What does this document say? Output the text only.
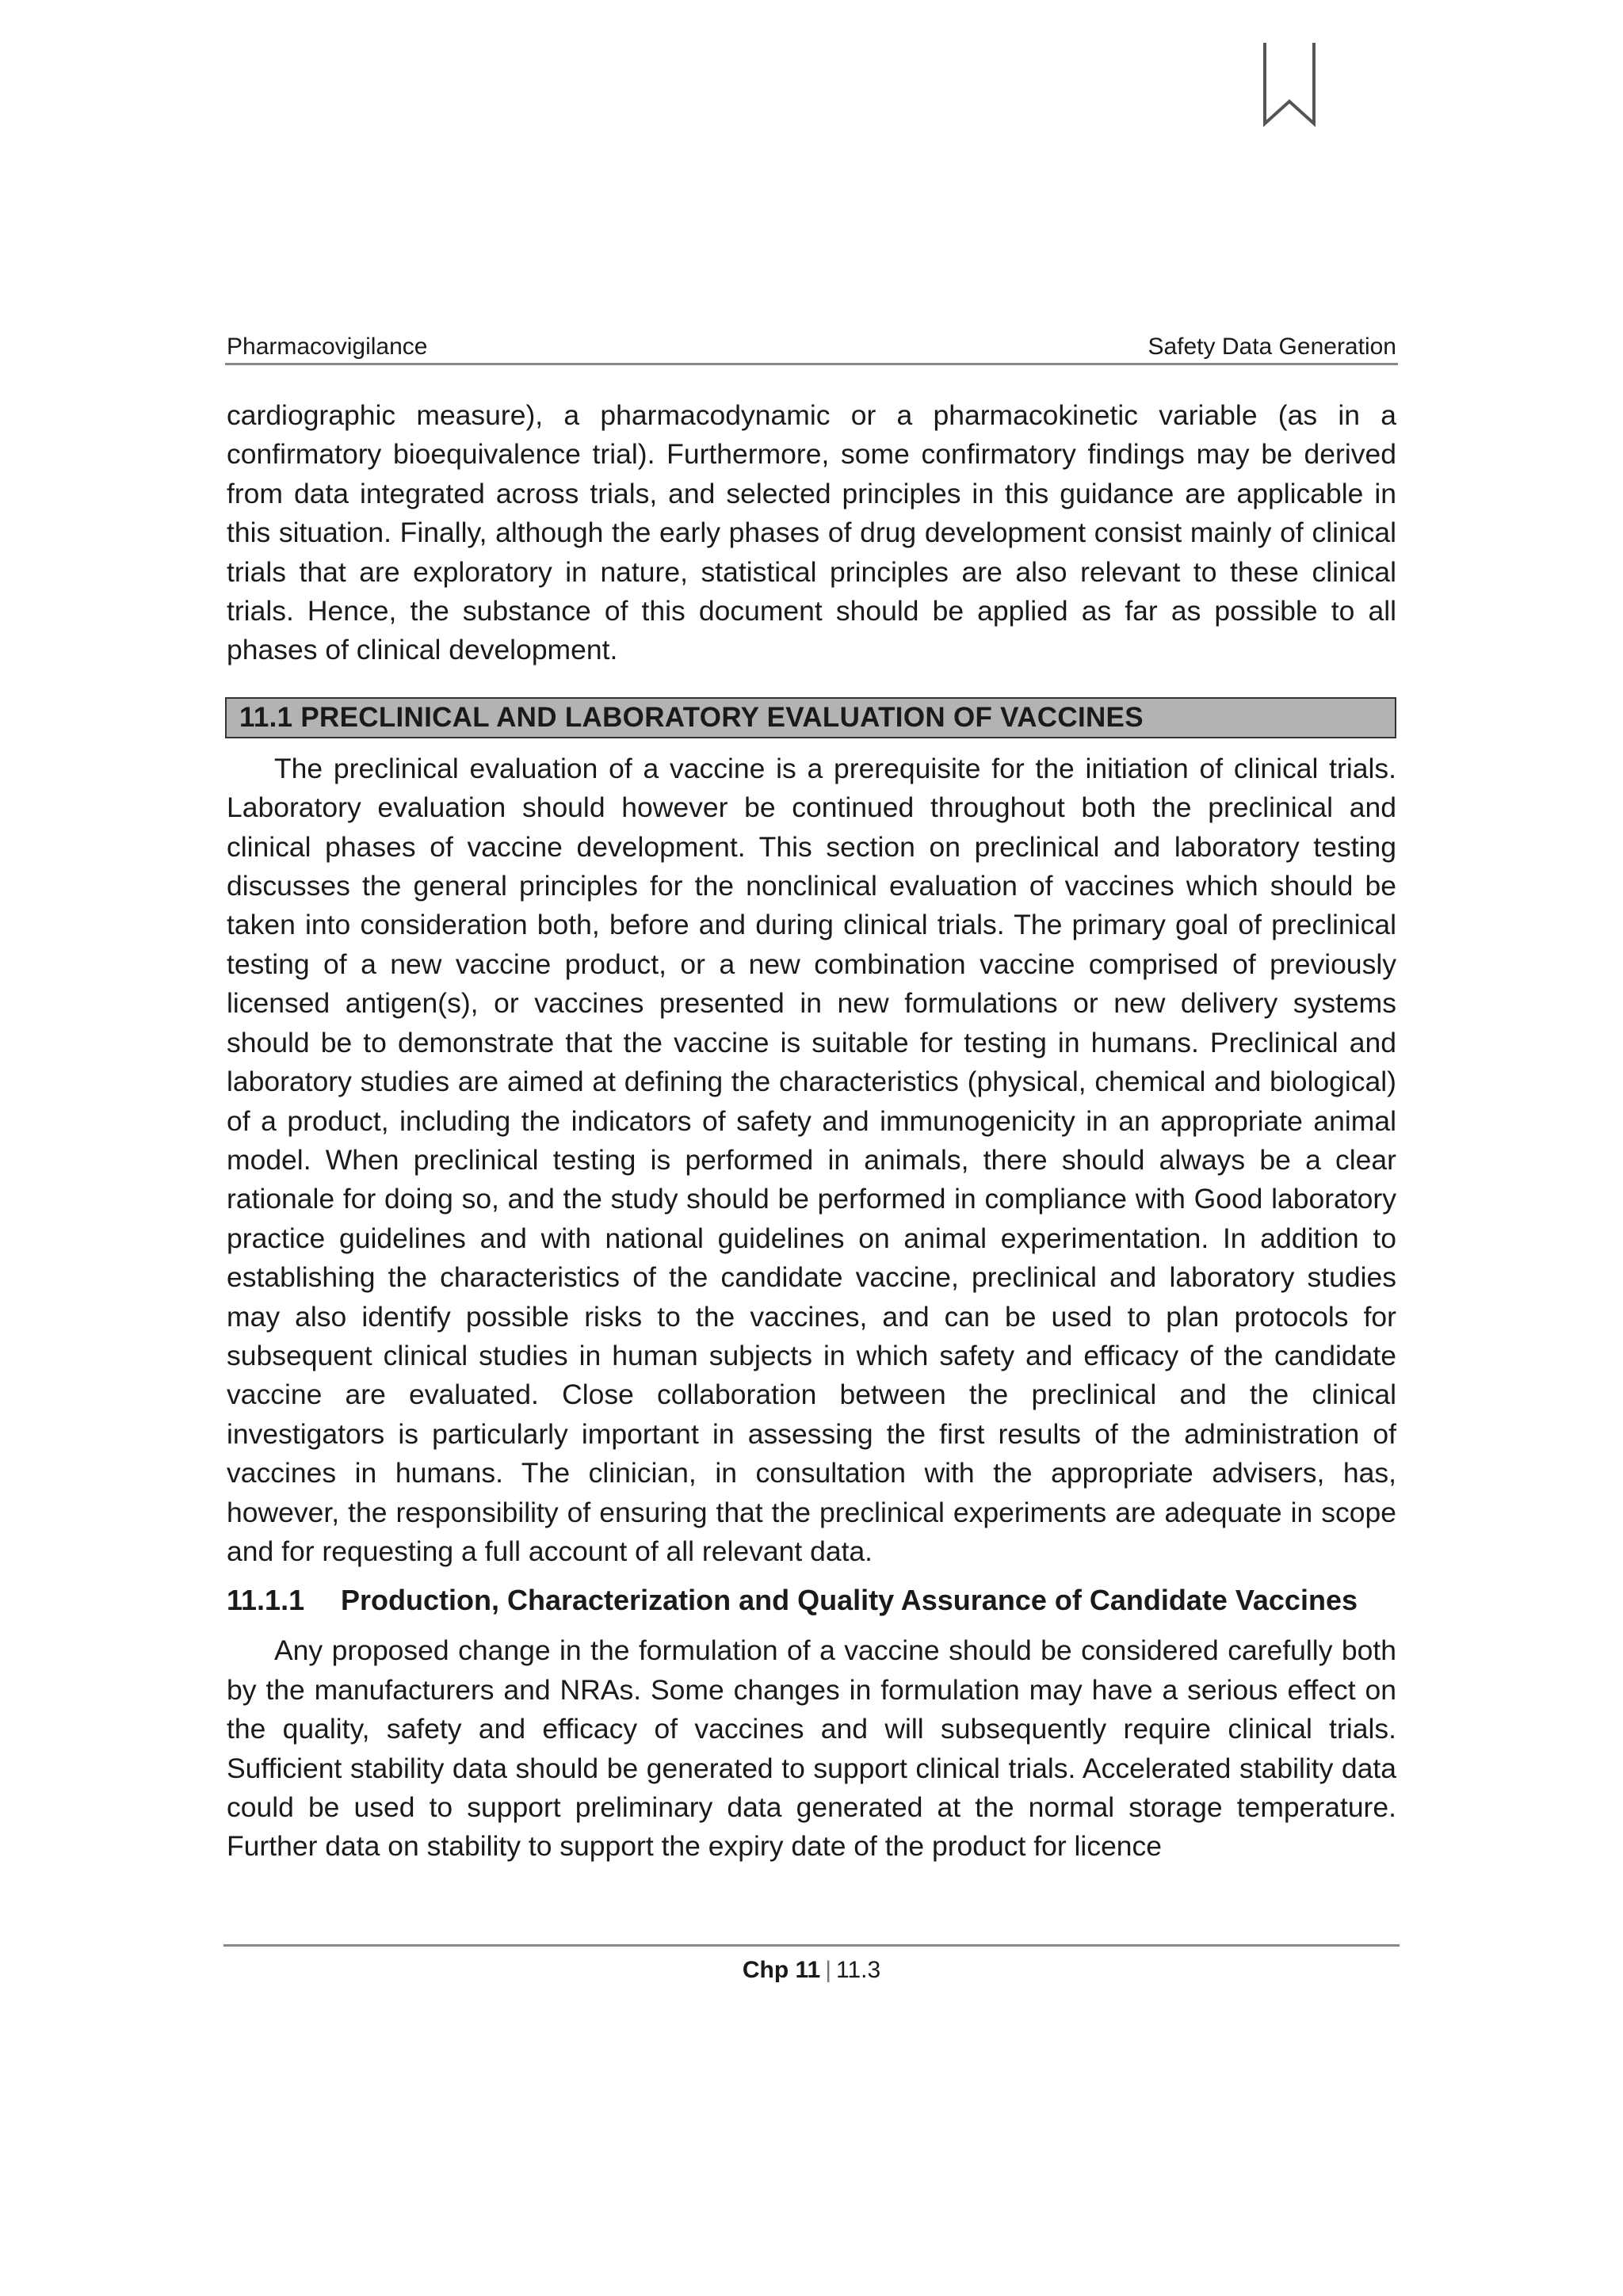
Pharmacovigilance	Safety Data Generation

cardiographic measure), a pharmacodynamic or a pharmacokinetic variable (as in a confirmatory bioequivalence trial). Furthermore, some confirmatory findings may be derived from data integrated across trials, and selected principles in this guidance are applicable in this situation. Finally, although the early phases of drug development consist mainly of clinical trials that are exploratory in nature, statistical principles are also relevant to these clinical trials. Hence, the substance of this document should be applied as far as possible to all phases of clinical development.

11.1 PRECLINICAL AND LABORATORY EVALUATION OF VACCINES

The preclinical evaluation of a vaccine is a prerequisite for the initiation of clinical trials. Laboratory evaluation should however be continued throughout both the preclinical and clinical phases of vaccine development. This section on preclinical and laboratory testing discusses the general principles for the nonclinical evaluation of vaccines which should be taken into consideration both, before and during clinical trials. The primary goal of preclinical testing of a new vaccine product, or a new combination vaccine comprised of previously licensed antigen(s), or vaccines presented in new formulations or new delivery systems should be to demonstrate that the vaccine is suitable for testing in humans. Preclinical and laboratory studies are aimed at defining the characteristics (physical, chemical and biological) of a product, including the indicators of safety and immunogenicity in an appropriate animal model. When preclinical testing is performed in animals, there should always be a clear rationale for doing so, and the study should be performed in compliance with Good laboratory practice guidelines and with national guidelines on animal experimentation. In addition to establishing the characteristics of the candidate vaccine, preclinical and laboratory studies may also identify possible risks to the vaccines, and can be used to plan protocols for subsequent clinical studies in human subjects in which safety and efficacy of the candidate vaccine are evaluated. Close collaboration between the preclinical and the clinical investigators is particularly important in assessing the first results of the administration of vaccines in humans. The clinician, in consultation with the appropriate advisers, has, however, the responsibility of ensuring that the preclinical experiments are adequate in scope and for requesting a full account of all relevant data.

11.1.1	Production, Characterization and Quality Assurance of Candidate Vaccines

Any proposed change in the formulation of a vaccine should be considered carefully both by the manufacturers and NRAs. Some changes in formulation may have a serious effect on the quality, safety and efficacy of vaccines and will subsequently require clinical trials. Sufficient stability data should be generated to support clinical trials. Accelerated stability data could be used to support preliminary data generated at the normal storage temperature. Further data on stability to support the expiry date of the product for licence

Chp 11 | 11.3
